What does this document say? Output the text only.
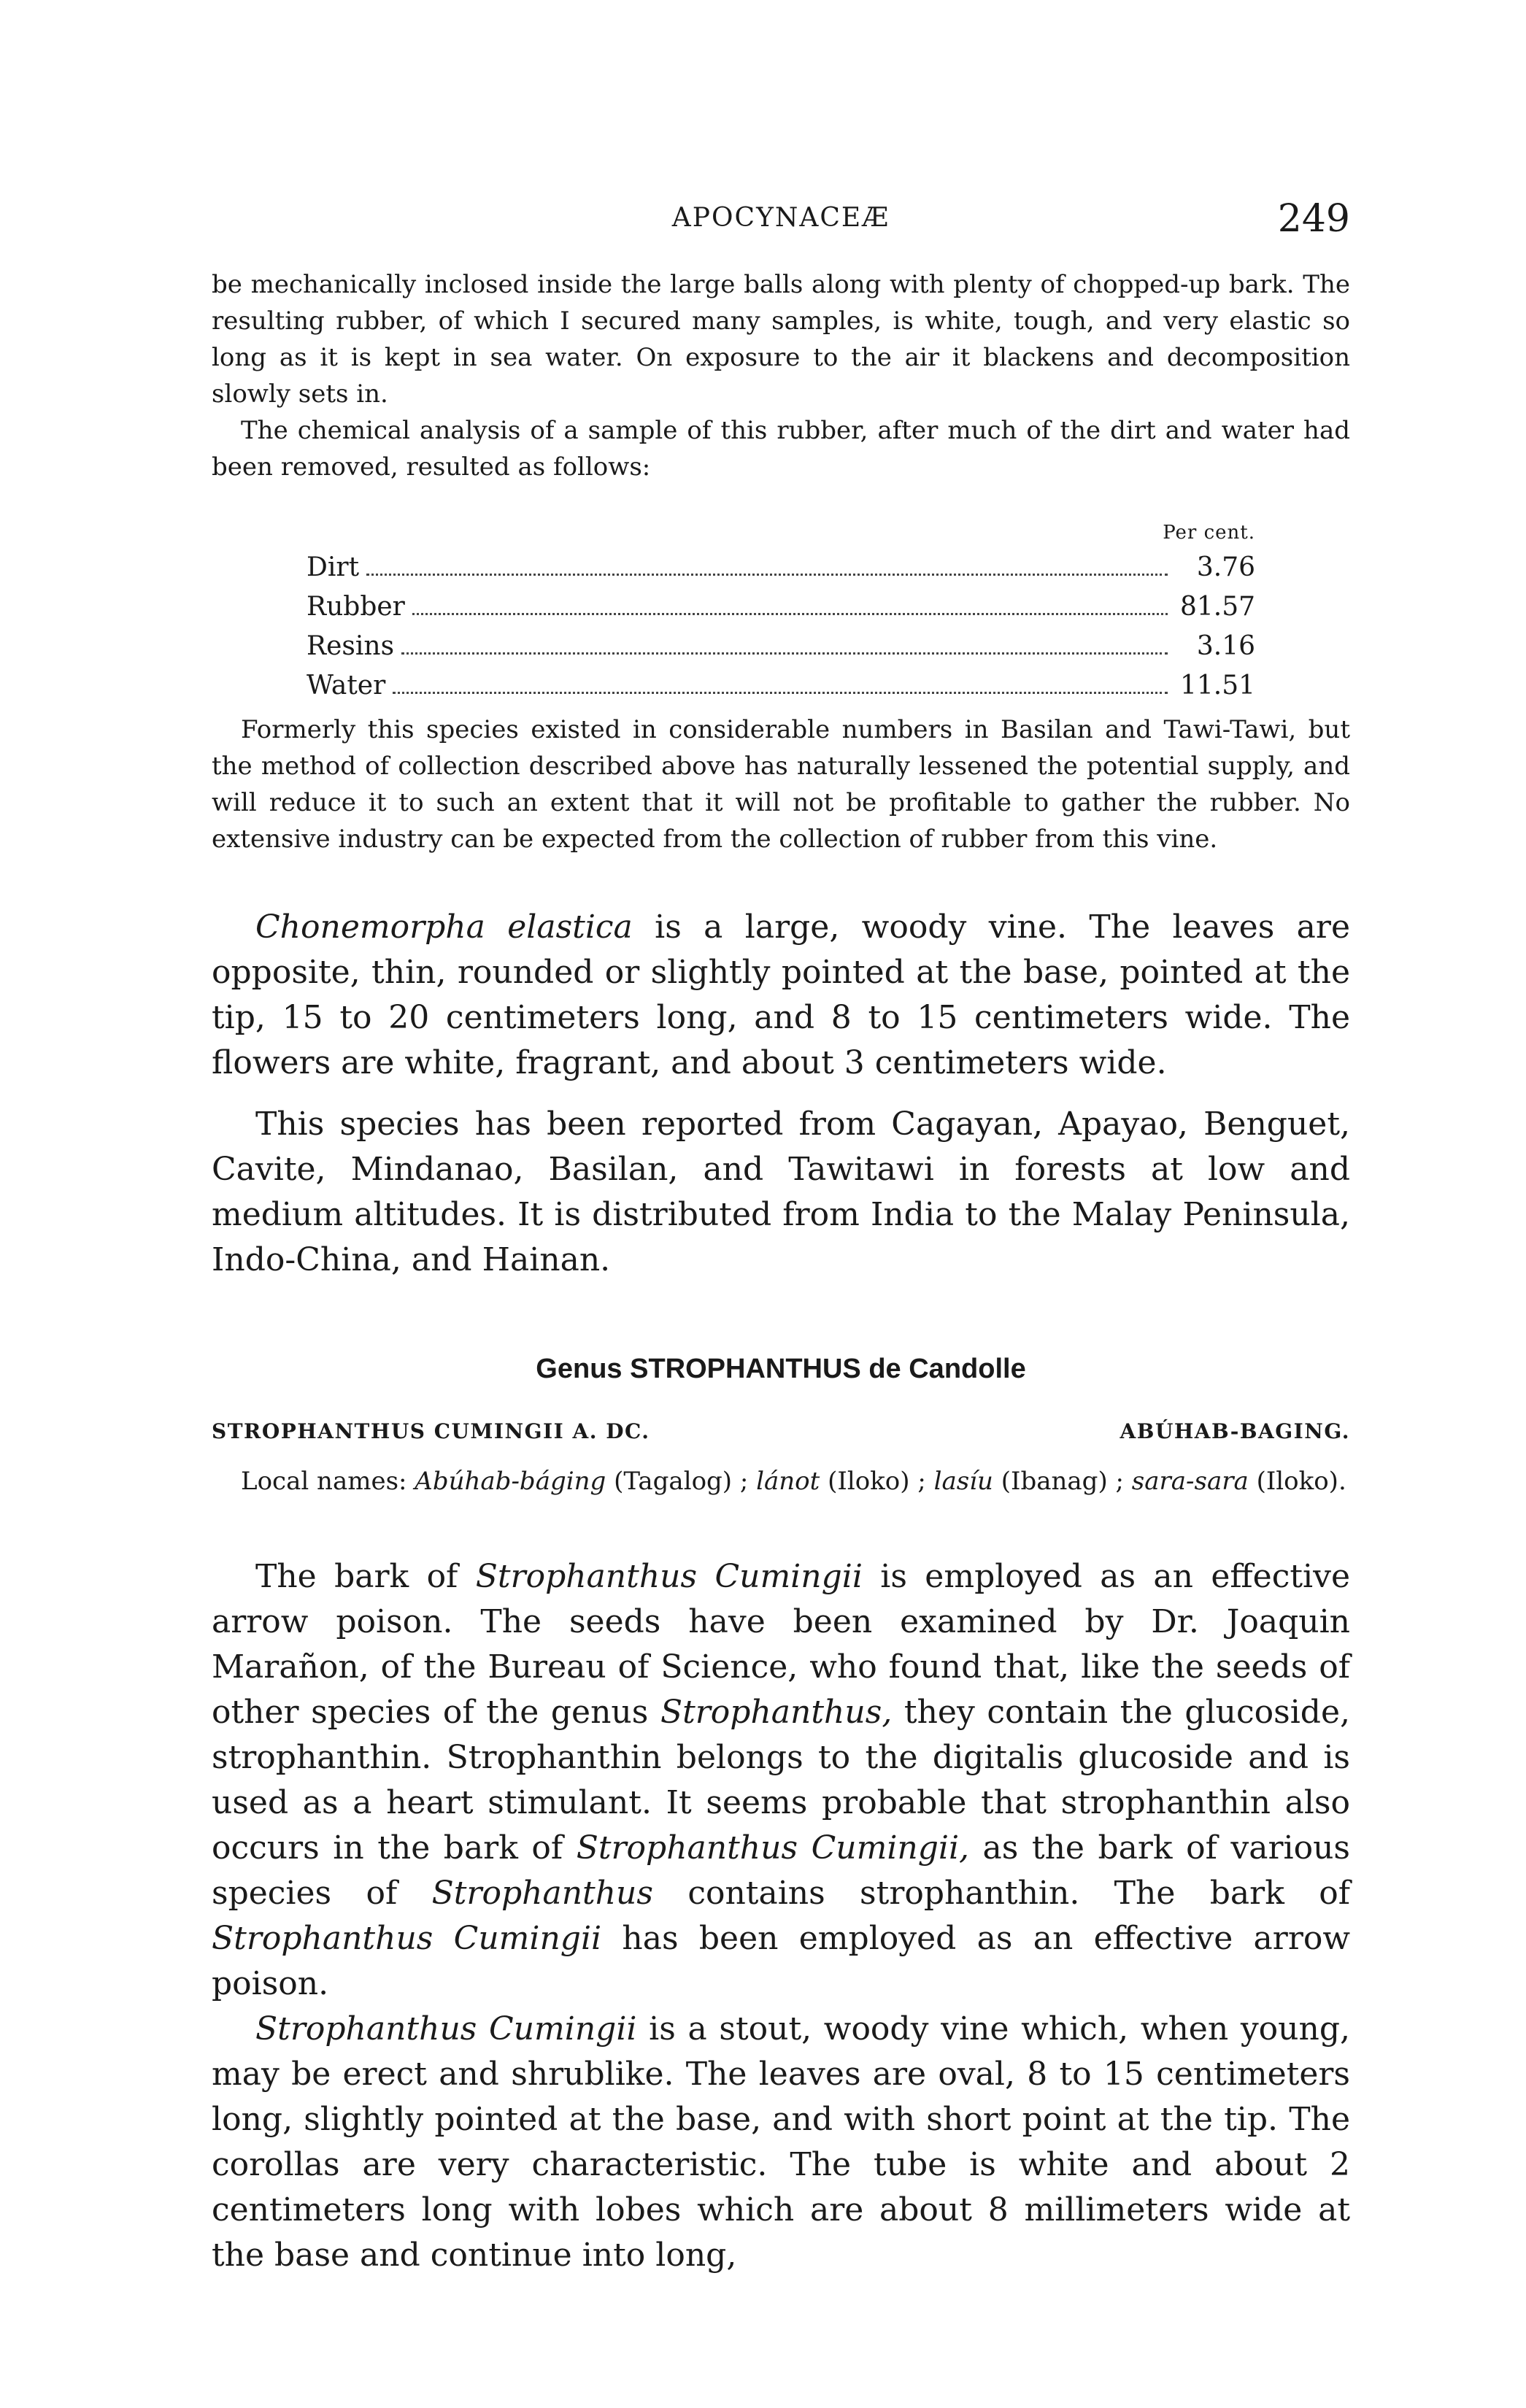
APOCYNACEÆ	249

be mechanically inclosed inside the large balls along with plenty of chopped-up bark. The resulting rubber, of which I secured many samples, is white, tough, and very elastic so long as it is kept in sea water. On exposure to the air it blackens and decomposition slowly sets in.

The chemical analysis of a sample of this rubber, after much of the dirt and water had been removed, resulted as follows:

Per cent.
Dirt	3.76
Rubber	81.57
Resins	3.16
Water	11.51

Formerly this species existed in considerable numbers in Basilan and Tawi-Tawi, but the method of collection described above has naturally lessened the potential supply, and will reduce it to such an extent that it will not be profitable to gather the rubber. No extensive industry can be expected from the collection of rubber from this vine.

Chonemorpha elastica is a large, woody vine. The leaves are opposite, thin, rounded or slightly pointed at the base, pointed at the tip, 15 to 20 centimeters long, and 8 to 15 centimeters wide. The flowers are white, fragrant, and about 3 centimeters wide.

This species has been reported from Cagayan, Apayao, Benguet, Cavite, Mindanao, Basilan, and Tawitawi in forests at low and medium altitudes. It is distributed from India to the Malay Peninsula, Indo-China, and Hainan.

Genus STROPHANTHUS de Candolle
STROPHANTHUS CUMINGII A. DC.	ABÚHAB-BAGING.

Local names: Abúhab-báging (Tagalog) ; lánot (Iloko) ; lasíu (Ibanag) ; sara-sara (Iloko).

The bark of Strophanthus Cumingii is employed as an effective arrow poison. The seeds have been examined by Dr. Joaquin Marañon, of the Bureau of Science, who found that, like the seeds of other species of the genus Strophanthus, they contain the glucoside, strophanthin. Strophanthin belongs to the digitalis glucoside and is used as a heart stimulant. It seems probable that strophanthin also occurs in the bark of Strophanthus Cumingii, as the bark of various species of Strophanthus contains strophanthin. The bark of Strophanthus Cumingii has been employed as an effective arrow poison.

Strophanthus Cumingii is a stout, woody vine which, when young, may be erect and shrublike. The leaves are oval, 8 to 15 centimeters long, slightly pointed at the base, and with short point at the tip. The corollas are very characteristic. The tube is white and about 2 centimeters long with lobes which are about 8 millimeters wide at the base and continue into long,
